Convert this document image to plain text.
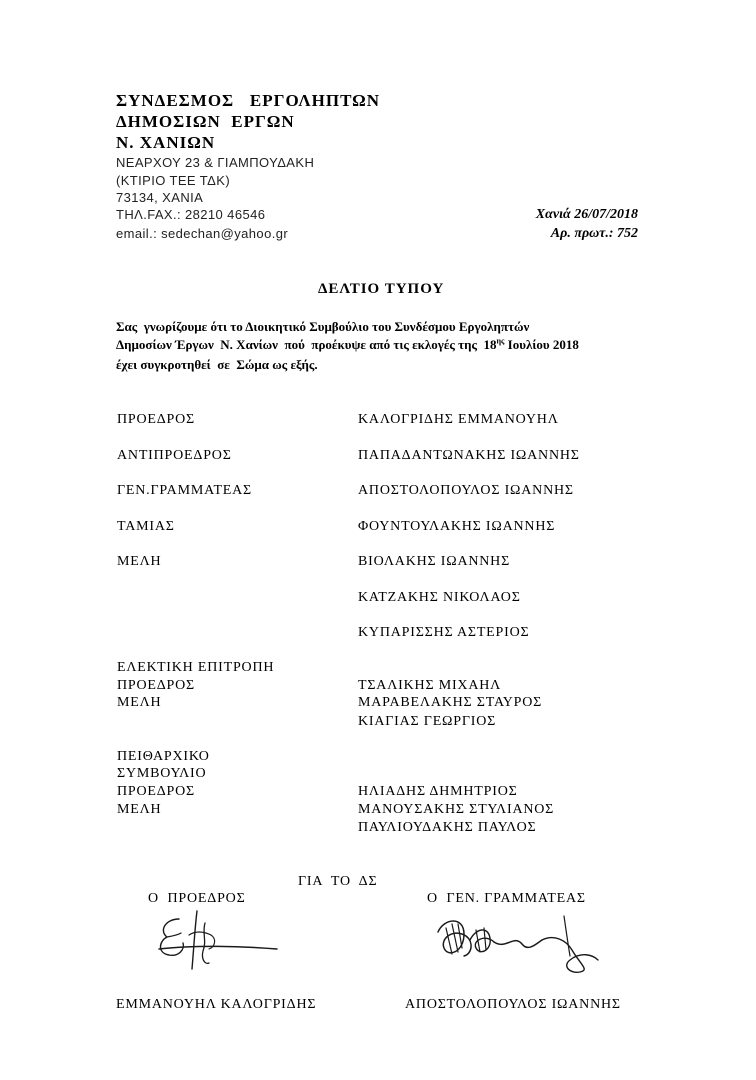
ΣΥΝΔΕΣΜΟΣ   ΕΡΓΟΛΗΠΤΩΝ
ΔΗΜΟΣΙΩΝ  ΕΡΓΩΝ
Ν. ΧΑΝΙΩΝ
ΝΕΑΡΧΟΥ 23 & ΓΙΑΜΠΟΥΔΑΚΗ
(ΚΤΙΡΙΟ ΤΕΕ ΤΔΚ)
73134, ΧΑΝΙΑ
ΤΗΛ.FAX.: 28210 46546
email.: sedechan@yahoo.gr
Χανιά 26/07/2018
Αρ. πρωτ.: 752
ΔΕΛΤΙΟ ΤΥΠΟΥ
Σας  γνωρίζουμε ότι το Διοικητικό Συμβούλιο του Συνδέσμου Εργοληπτών
Δημοσίων Έργων  Ν. Χανίων  πού  προέκυψε από τις εκλογές της  $18^{\eta\varsigma}$ Ιουλίου 2018
έχει συγκροτηθεί  σε  Σώμα ως εξής.
ΠΡΟΕΔΡΟΣ	ΚΑΛΟΓΡΙΔΗΣ ΕΜΜΑΝΟΥΗΛ
ΑΝΤΙΠΡΟΕΔΡΟΣ	ΠΑΠΑΔΑΝΤΩΝΑΚΗΣ ΙΩΑΝΝΗΣ
ΓΕΝ.ΓΡΑΜΜΑΤΕΑΣ	ΑΠΟΣΤΟΛΟΠΟΥΛΟΣ ΙΩΑΝΝΗΣ
ΤΑΜΙΑΣ	ΦΟΥΝΤΟΥΛΑΚΗΣ ΙΩΑΝΝΗΣ
ΜΕΛΗ	ΒΙΟΛΑΚΗΣ ΙΩΑΝΝΗΣ
ΚΑΤΖΑΚΗΣ ΝΙΚΟΛΑΟΣ
ΚΥΠΑΡΙΣΣΗΣ ΑΣΤΕΡΙΟΣ
ΕΛΕΚΤΙΚΗ ΕΠΙΤΡΟΠΗ
ΠΡΟΕΔΡΟΣ	ΤΣΑΛΙΚΗΣ ΜΙΧΑΗΛ
ΜΕΛΗ	ΜΑΡΑΒΕΛΑΚΗΣ ΣΤΑΥΡΟΣ
ΚΙΑΓΙΑΣ ΓΕΩΡΓΙΟΣ
ΠΕΙΘΑΡΧΙΚΟ
ΣΥΜΒΟΥΛΙΟ
ΠΡΟΕΔΡΟΣ	ΗΛΙΑΔΗΣ ΔΗΜΗΤΡΙΟΣ
ΜΕΛΗ	ΜΑΝΟΥΣΑΚΗΣ ΣΤΥΛΙΑΝΟΣ
ΠΑΥΛΙΟΥΔΑΚΗΣ ΠΑΥΛΟΣ
ΓΙΑ  ΤΟ  ΔΣ
Ο  ΠΡΟΕΔΡΟΣ	Ο  ΓΕΝ. ΓΡΑΜΜΑΤΕΑΣ
ΕΜΜΑΝΟΥΗΛ ΚΑΛΟΓΡΙΔΗΣ	ΑΠΟΣΤΟΛΟΠΟΥΛΟΣ ΙΩΑΝΝΗΣ
